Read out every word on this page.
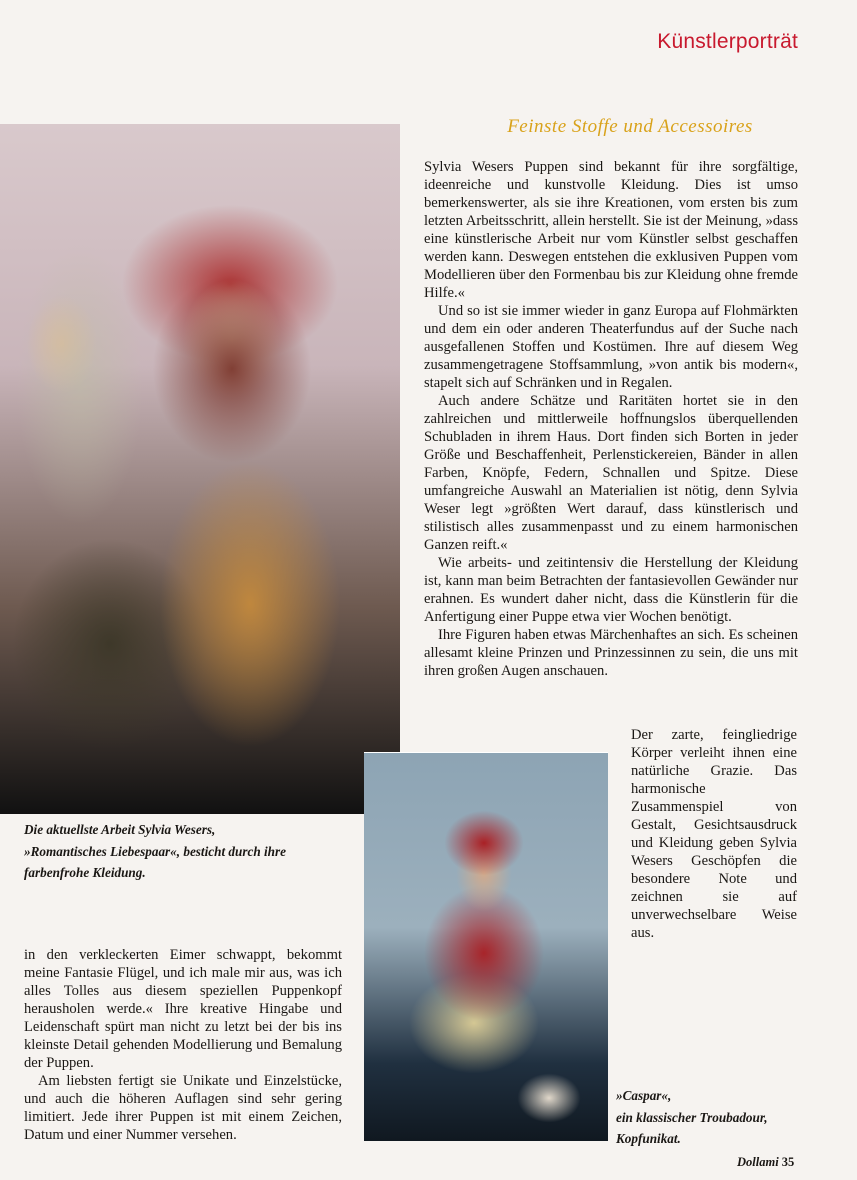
Künstlerporträt
Feinste Stoffe und Accessoires

Sylvia Wesers Puppen sind bekannt für ihre sorgfältige, ideenreiche und kunstvolle Kleidung. Dies ist umso bemerkenswerter, als sie ihre Kreationen, vom ersten bis zum letzten Arbeitsschritt, allein herstellt. Sie ist der Meinung, »dass eine künstlerische Arbeit nur vom Künstler selbst geschaffen werden kann. Deswegen entstehen die exklusiven Puppen vom Modellieren über den Formenbau bis zur Kleidung ohne fremde Hilfe.«

Und so ist sie immer wieder in ganz Europa auf Flohmärkten und dem ein oder anderen Theaterfundus auf der Suche nach ausgefallenen Stoffen und Kostümen. Ihre auf diesem Weg zusammengetragene Stoffsammlung, »von antik bis modern«, stapelt sich auf Schränken und in Regalen.

Auch andere Schätze und Raritäten hortet sie in den zahlreichen und mittlerweile hoffnungslos überquellenden Schubladen in ihrem Haus. Dort finden sich Borten in jeder Größe und Beschaffenheit, Perlenstickereien, Bänder in allen Farben, Knöpfe, Federn, Schnallen und Spitze. Diese umfangreiche Auswahl an Materialien ist nötig, denn Sylvia Weser legt »größten Wert darauf, dass künstlerisch und stilistisch alles zusammenpasst und zu einem harmonischen Ganzen reift.«

Wie arbeits- und zeitintensiv die Herstellung der Kleidung ist, kann man beim Betrachten der fantasievollen Gewänder nur erahnen. Es wundert daher nicht, dass die Künstlerin für die Anfertigung einer Puppe etwa vier Wochen benötigt.

Ihre Figuren haben etwas Märchenhaftes an sich. Es scheinen allesamt kleine Prinzen und Prinzessinnen zu sein, die uns mit ihren großen Augen anschauen.

Der zarte, feingliedrige Körper verleiht ihnen eine natürliche Grazie. Das harmonische Zusammenspiel von Gestalt, Gesichtsausdruck und Kleidung geben Sylvia Wesers Geschöpfen die besondere Note und zeichnen sie auf unverwechselbare Weise aus.
Die aktuellste Arbeit Sylvia Wesers,
»Romantisches Liebespaar«, besticht durch ihre
farbenfrohe Kleidung.

in den verkleckerten Eimer schwappt, bekommt meine Fantasie Flügel, und ich male mir aus, was ich alles Tolles aus diesem speziellen Puppenkopf herausholen werde.« Ihre kreative Hingabe und Leidenschaft spürt man nicht zu letzt bei der bis ins kleinste Detail gehenden Modellierung und Bemalung der Puppen.

Am liebsten fertigt sie Unikate und Einzelstücke, und auch die höheren Auflagen sind sehr gering limitiert. Jede ihrer Puppen ist mit einem Zeichen, Datum und einer Nummer versehen.

»Caspar«,
ein klassischer Troubadour,
Kopfunikat.
Dollami 35
